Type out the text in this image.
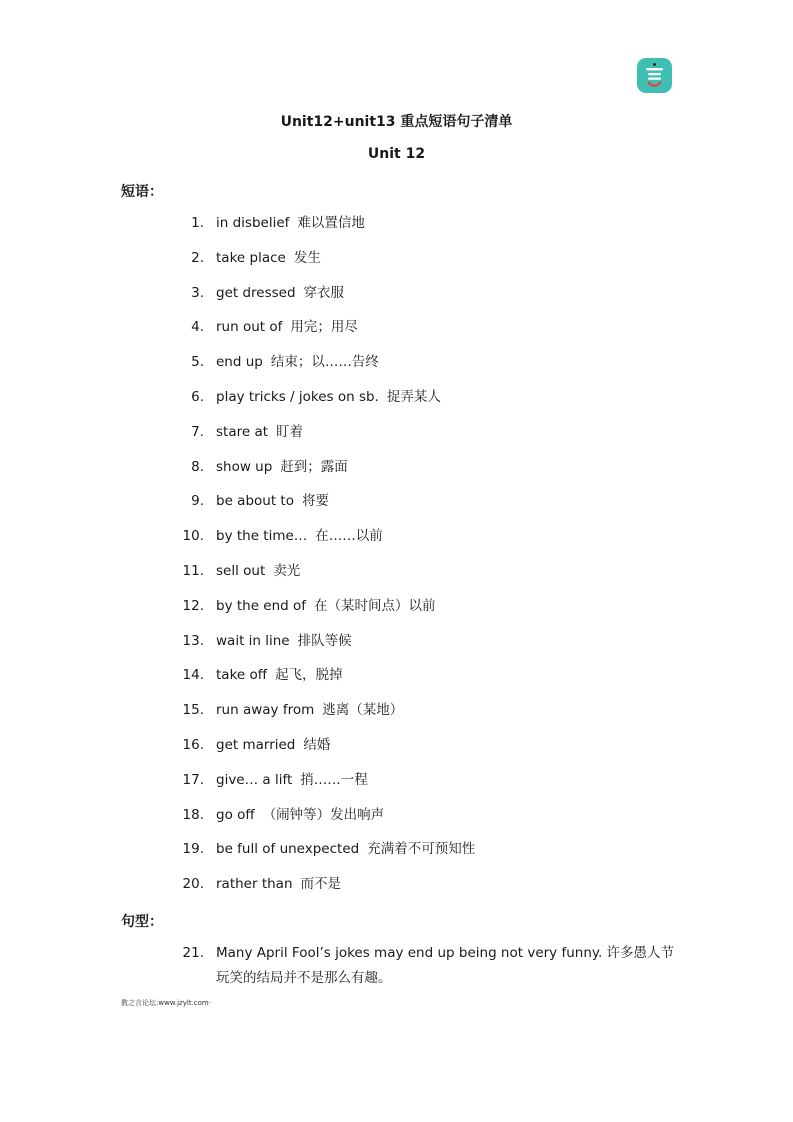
Unit12+unit13 重点短语句子清单
Unit 12
短语：
1. in disbelief 难以置信地
2. take place 发生
3. get dressed 穿衣服
4. run out of 用完；用尽
5. end up 结束；以……告终
6. play tricks / jokes on sb. 捉弄某人
7. stare at 盯着
8. show up 赶到；露面
9. be about to 将要
10. by the time… 在……以前
11. sell out 卖光
12. by the end of 在（某时间点）以前
13. wait in line 排队等候
14. take off 起飞，脱掉
15. run away from 逃离（某地）
16. get married 结婚
17. give… a lift 捎……一程
18. go off （闹钟等）发出响声
19. be full of unexpected 充满着不可预知性
20. rather than 而不是
句型：
21. Many April Fool’s jokes may end up being not very funny. 许多愚人节玩笑的结局并不是那么有趣。
教之言论坛:www.jzylt.com·
